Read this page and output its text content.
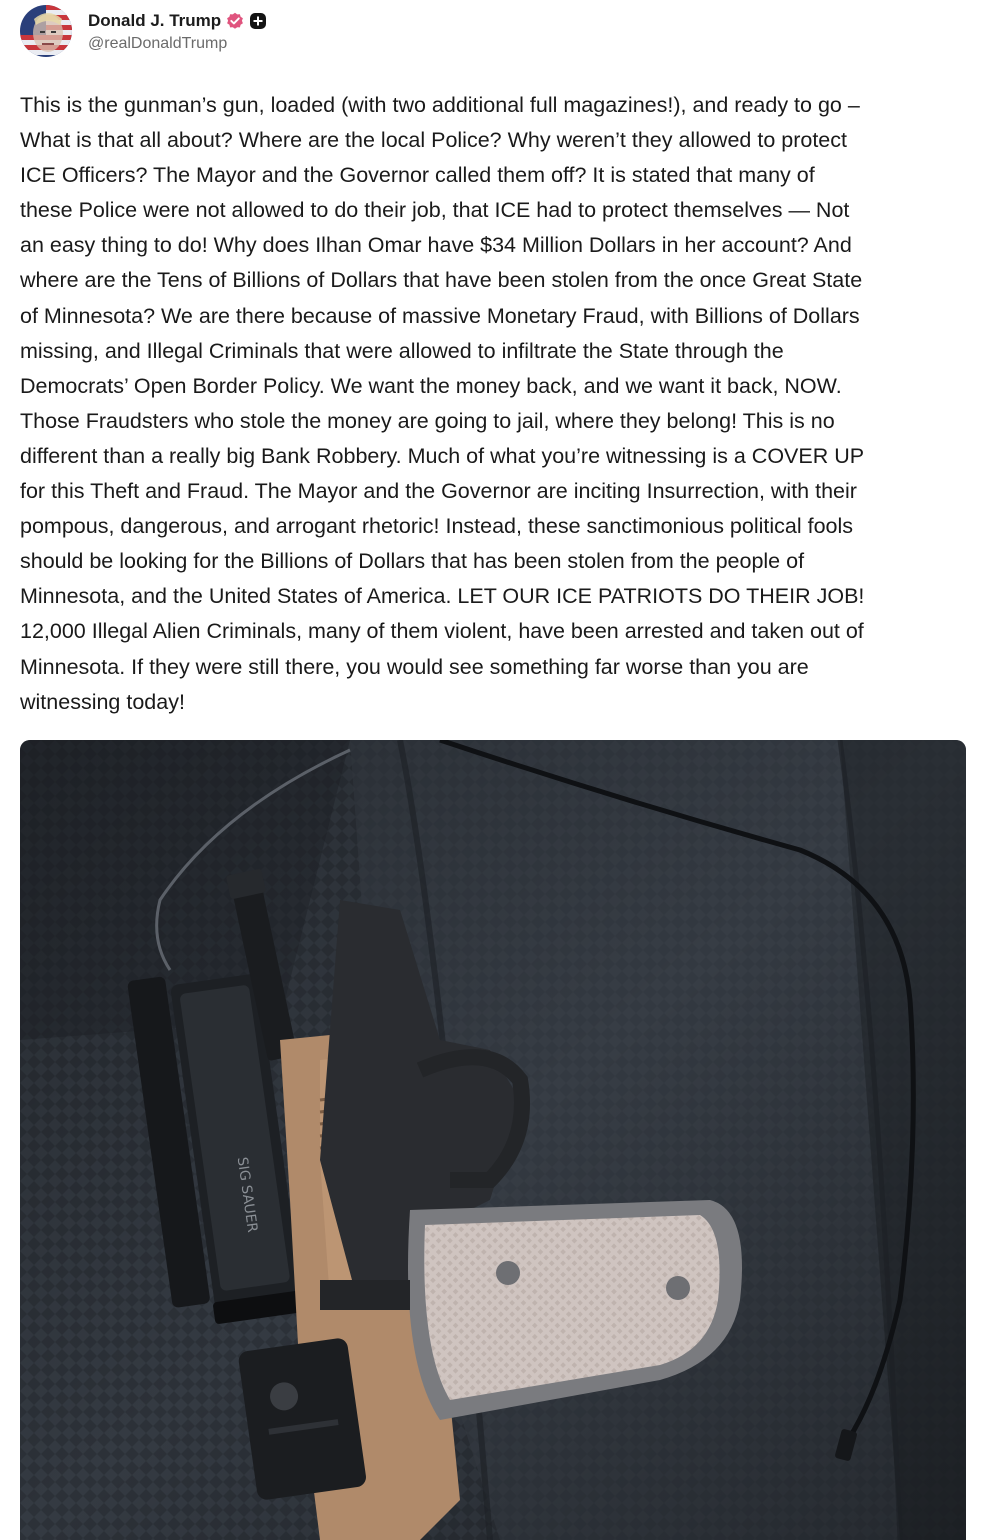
Donald J. Trump
@realDonaldTrump
This is the gunman’s gun, loaded (with two additional full magazines!), and ready to go –
What is that all about? Where are the local Police? Why weren’t they allowed to protect
ICE Officers? The Mayor and the Governor called them off? It is stated that many of
these Police were not allowed to do their job, that ICE had to protect themselves — Not
an easy thing to do! Why does Ilhan Omar have $34 Million Dollars in her account? And
where are the Tens of Billions of Dollars that have been stolen from the once Great State
of Minnesota? We are there because of massive Monetary Fraud, with Billions of Dollars
missing, and Illegal Criminals that were allowed to infiltrate the State through the
Democrats’ Open Border Policy. We want the money back, and we want it back, NOW.
Those Fraudsters who stole the money are going to jail, where they belong! This is no
different than a really big Bank Robbery. Much of what you’re witnessing is a COVER UP
for this Theft and Fraud. The Mayor and the Governor are inciting Insurrection, with their
pompous, dangerous, and arrogant rhetoric! Instead, these sanctimonious political fools
should be looking for the Billions of Dollars that has been stolen from the people of
Minnesota, and the United States of America. LET OUR ICE PATRIOTS DO THEIR JOB!
12,000 Illegal Alien Criminals, many of them violent, have been arrested and taken out of
Minnesota. If they were still there, you would see something far worse than you are
witnessing today!
SIG SAUER
